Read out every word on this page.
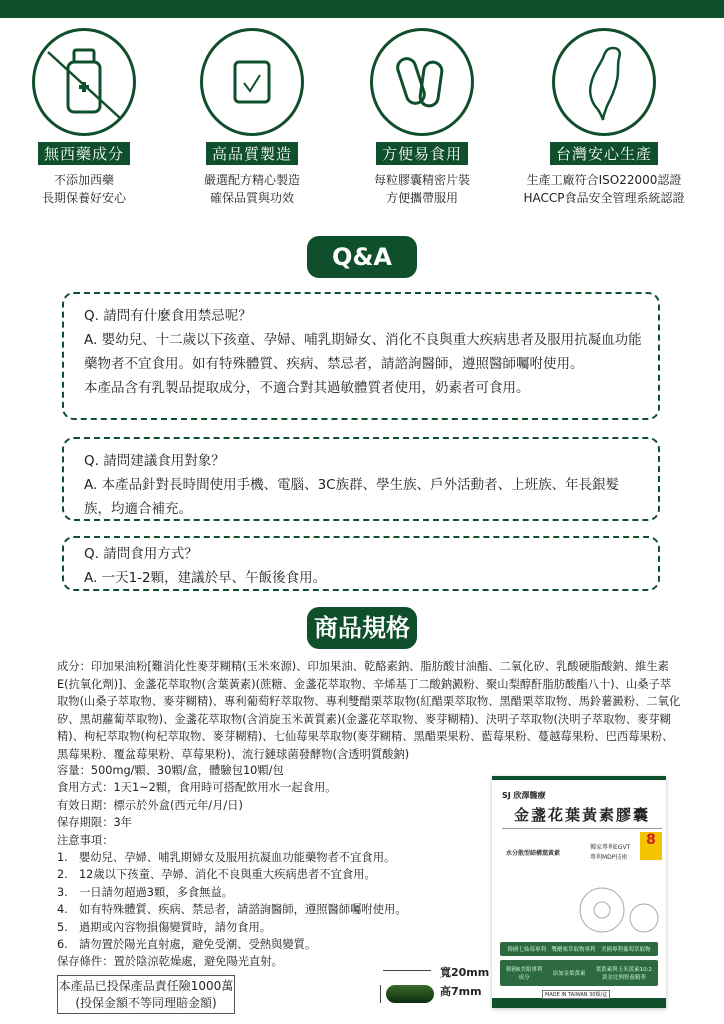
無西藥成分
不添加西藥
長期保養好安心
高品質製造
嚴選配方精心製造
確保品質與功效
方便易食用
每粒膠囊精密片裝
方便攜帶服用
台灣安心生產
生產工廠符合ISO22000認證
HACCP食品安全管理系統認證
Q&A
Q. 請問有什麼食用禁忌呢？
A. 嬰幼兒、十二歲以下孩童、孕婦、哺乳期婦女、消化不良與重大疾病患者及服用抗凝血功能藥物者不宜食用。如有特殊體質、疾病、禁忌者，請諮詢醫師，遵照醫師囑咐使用。
本產品含有乳製品提取成分，不適合對其過敏體質者使用，奶素者可食用。
Q. 請問建議食用對象？
A. 本產品針對長時間使用手機、電腦、3C族群、學生族、戶外活動者、上班族、年長銀髮族，均適合補充。
Q. 請問食用方式？
A. 一天1-2顆，建議於早、午飯後食用。
商品規格
成分：印加果油粉[難消化性麥芽糊精(玉米來源)、印加果油、乾酪素鈉、脂肪酸甘油酯、二氧化矽、乳酸硬脂酸鈉、維生素E(抗氧化劑)]、金盞花萃取物(含葉黃素)(蔗糖、金盞花萃取物、辛烯基丁二酸鈉澱粉、聚山梨醇酐脂肪酸酯八十)、山桑子萃取物(山桑子萃取物、麥芽糊精)、專利葡萄籽萃取物、專利雙醋栗萃取物(紅醋栗萃取物、黑醋栗萃取物、馬鈴薯澱粉、二氧化矽、黑胡蘿蔔萃取物)、金盞花萃取物(含消旋玉米黃質素)(金盞花萃取物、麥芽糊精)、決明子萃取物(決明子萃取物、麥芽糊精)、枸杞萃取物(枸杞萃取物、麥芽糊精)、七仙莓果萃取物(麥芽糊精、黑醋栗果粉、藍莓果粉、蔓越莓果粉、巴西莓果粉、黑莓果粉、覆盆莓果粉、草莓果粉)、流行鏈球菌發酵物(含透明質酸鈉)
容量：500mg/顆、30顆/盒，體驗包10顆/包
食用方式：1天1~2顆，食用時可搭配飲用水一起食用。
有效日期：標示於外盒(西元年/月/日)
保存期限：3年
注意事項：
1. 嬰幼兒、孕婦、哺乳期婦女及服用抗凝血功能藥物者不宜食用。
2. 12歲以下孩童、孕婦、消化不良與重大疾病患者不宜食用。
3. 一日請勿超過3顆，多食無益。
4. 如有特殊體質、疾病、禁忌者，請諮詢醫師，遵照醫師囑咐使用。
5. 過期或內容物損傷變質時，請勿食用。
6. 請勿置於陽光直射處，避免受潮、受熱與變質。
保存條件：置於陰涼乾燥處，避免陽光直射。
本產品已投保產品責任險1000萬
(投保金額不等同理賠金額)
寬20mm
高7mm
SJ 欣澤醫療
金盞花葉黃素膠囊
水分散型結構葉黃素
獨家專利EGVT
專利MDP技術
8
韓國七仙莓專利　雙醋栗萃取物專利　美國專利葡萄萃取物
韓國6美眼專利成分
添加金葉黃素
葉黃素與玉米黃素10:2黃金比例營養精華
MADE IN TAIWAN 30顆/盒
